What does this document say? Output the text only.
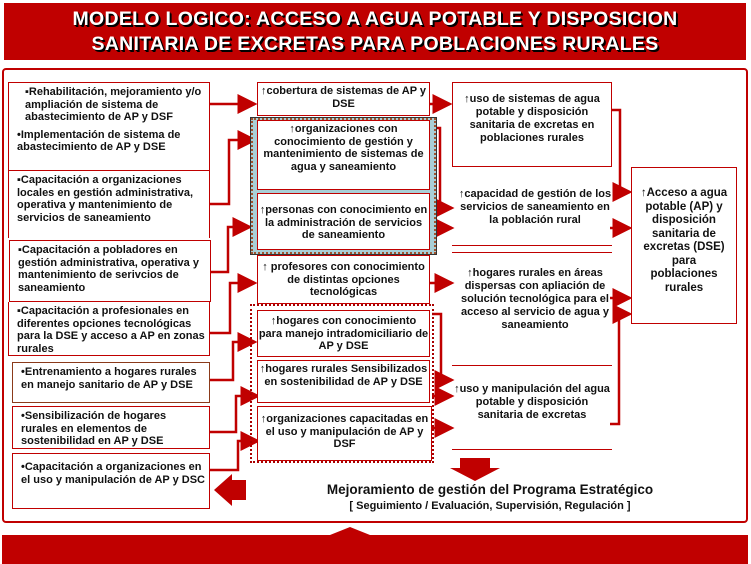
MODELO LOGICO: ACCESO A AGUA POTABLE Y DISPOSICION
SANITARIA DE EXCRETAS PARA POBLACIONES RURALES
▪Rehabilitación, mejoramiento y/o ampliación de sistema de abastecimiento de AP y DSF
•Implementación de sistema de abastecimiento de AP y DSE
▪Capacitación a organizaciones locales en gestión administrativa, operativa y mantenimiento de servicios de saneamiento
▪Capacitación a pobladores en gestión administrativa, operativa y mantenimiento de serivcios de saneamiento
▪Capacitación a profesionales en diferentes opciones tecnológicas para la DSE y acceso a AP en zonas rurales
•Entrenamiento a hogares rurales en manejo sanitario de AP y DSE
•Sensibilización de hogares rurales en elementos de sostenibilidad en AP y DSE
•Capacitación a organizaciones en el uso y manipulación de AP y DSC
↑cobertura de sistemas de AP y DSE
↑organizaciones con conocimiento de gestión y mantenimiento de sistemas de agua y saneamiento
↑personas con conocimiento en la administración de servicios de saneamiento
↑ profesores con conocimiento de distintas opciones tecnológicas
↑hogares con conocimiento para manejo intradomiciliario de AP y DSE
↑hogares rurales Sensibilizados en sostenibilidad de AP y DSE
↑organizaciones capacitadas en el uso y manipulación de AP y DSF
↑uso de sistemas de agua potable y disposición sanitaria de excretas en poblaciones rurales
↑capacidad de gestión de los servicios de saneamiento en la población rural
↑hogares rurales en áreas dispersas con apliación de solución tecnológica para el acceso al servicio de agua y saneamiento
↑uso y manipulación del agua potable y disposición sanitaria de excretas
↑Acceso a agua potable (AP) y disposición sanitaria de excretas (DSE) para poblaciones rurales
Mejoramiento de gestión del Programa Estratégico
[ Seguimiento / Evaluación, Supervisión, Regulación ]
